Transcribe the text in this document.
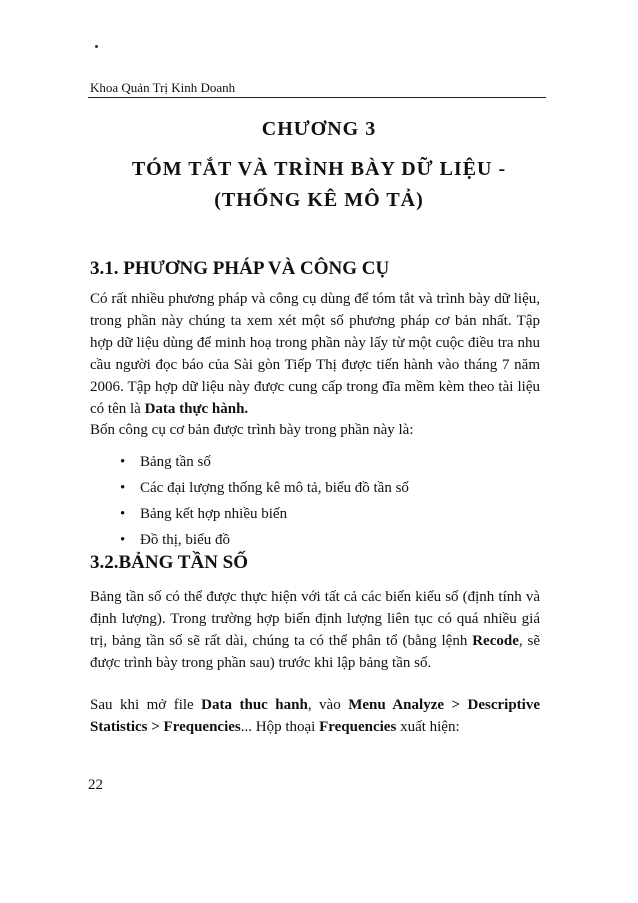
Khoa Quản Trị Kinh Doanh
CHƯƠNG 3
TÓM TẮT VÀ TRÌNH BÀY DỮ LIỆU -
(THỐNG KÊ MÔ TẢ)
3.1. PHƯƠNG PHÁP VÀ CÔNG CỤ

Có rất nhiều phương pháp và công cụ dùng để tóm tắt và trình bày dữ liệu, trong phần này chúng ta xem xét một số phương pháp cơ bản nhất. Tập hợp dữ liệu dùng để minh hoạ trong phần này lấy từ một cuộc điều tra nhu cầu người đọc báo của Sài gòn Tiếp Thị được tiến hành vào tháng 7 năm 2006. Tập hợp dữ liệu này được cung cấp trong đĩa mềm kèm theo tài liệu có tên là Data thực hành.

Bốn công cụ cơ bản được trình bày trong phần này là:

• Bảng tần số
• Các đại lượng thống kê mô tả, biểu đồ tần số
• Bảng kết hợp nhiều biến
• Đồ thị, biểu đồ
3.2.BẢNG TẦN SỐ

Bảng tần số có thể được thực hiện với tất cả các biến kiểu số (định tính và định lượng). Trong trường hợp biến định lượng liên tục có quá nhiều giá trị, bảng tần số sẽ rất dài, chúng ta có thể phân tổ (bằng lệnh Recode, sẽ được trình bày trong phần sau) trước khi lập bảng tần số.

Sau khi mở file Data thuc hanh, vào Menu Analyze > Descriptive Statistics > Frequencies... Hộp thoại Frequencies xuất hiện:

22
